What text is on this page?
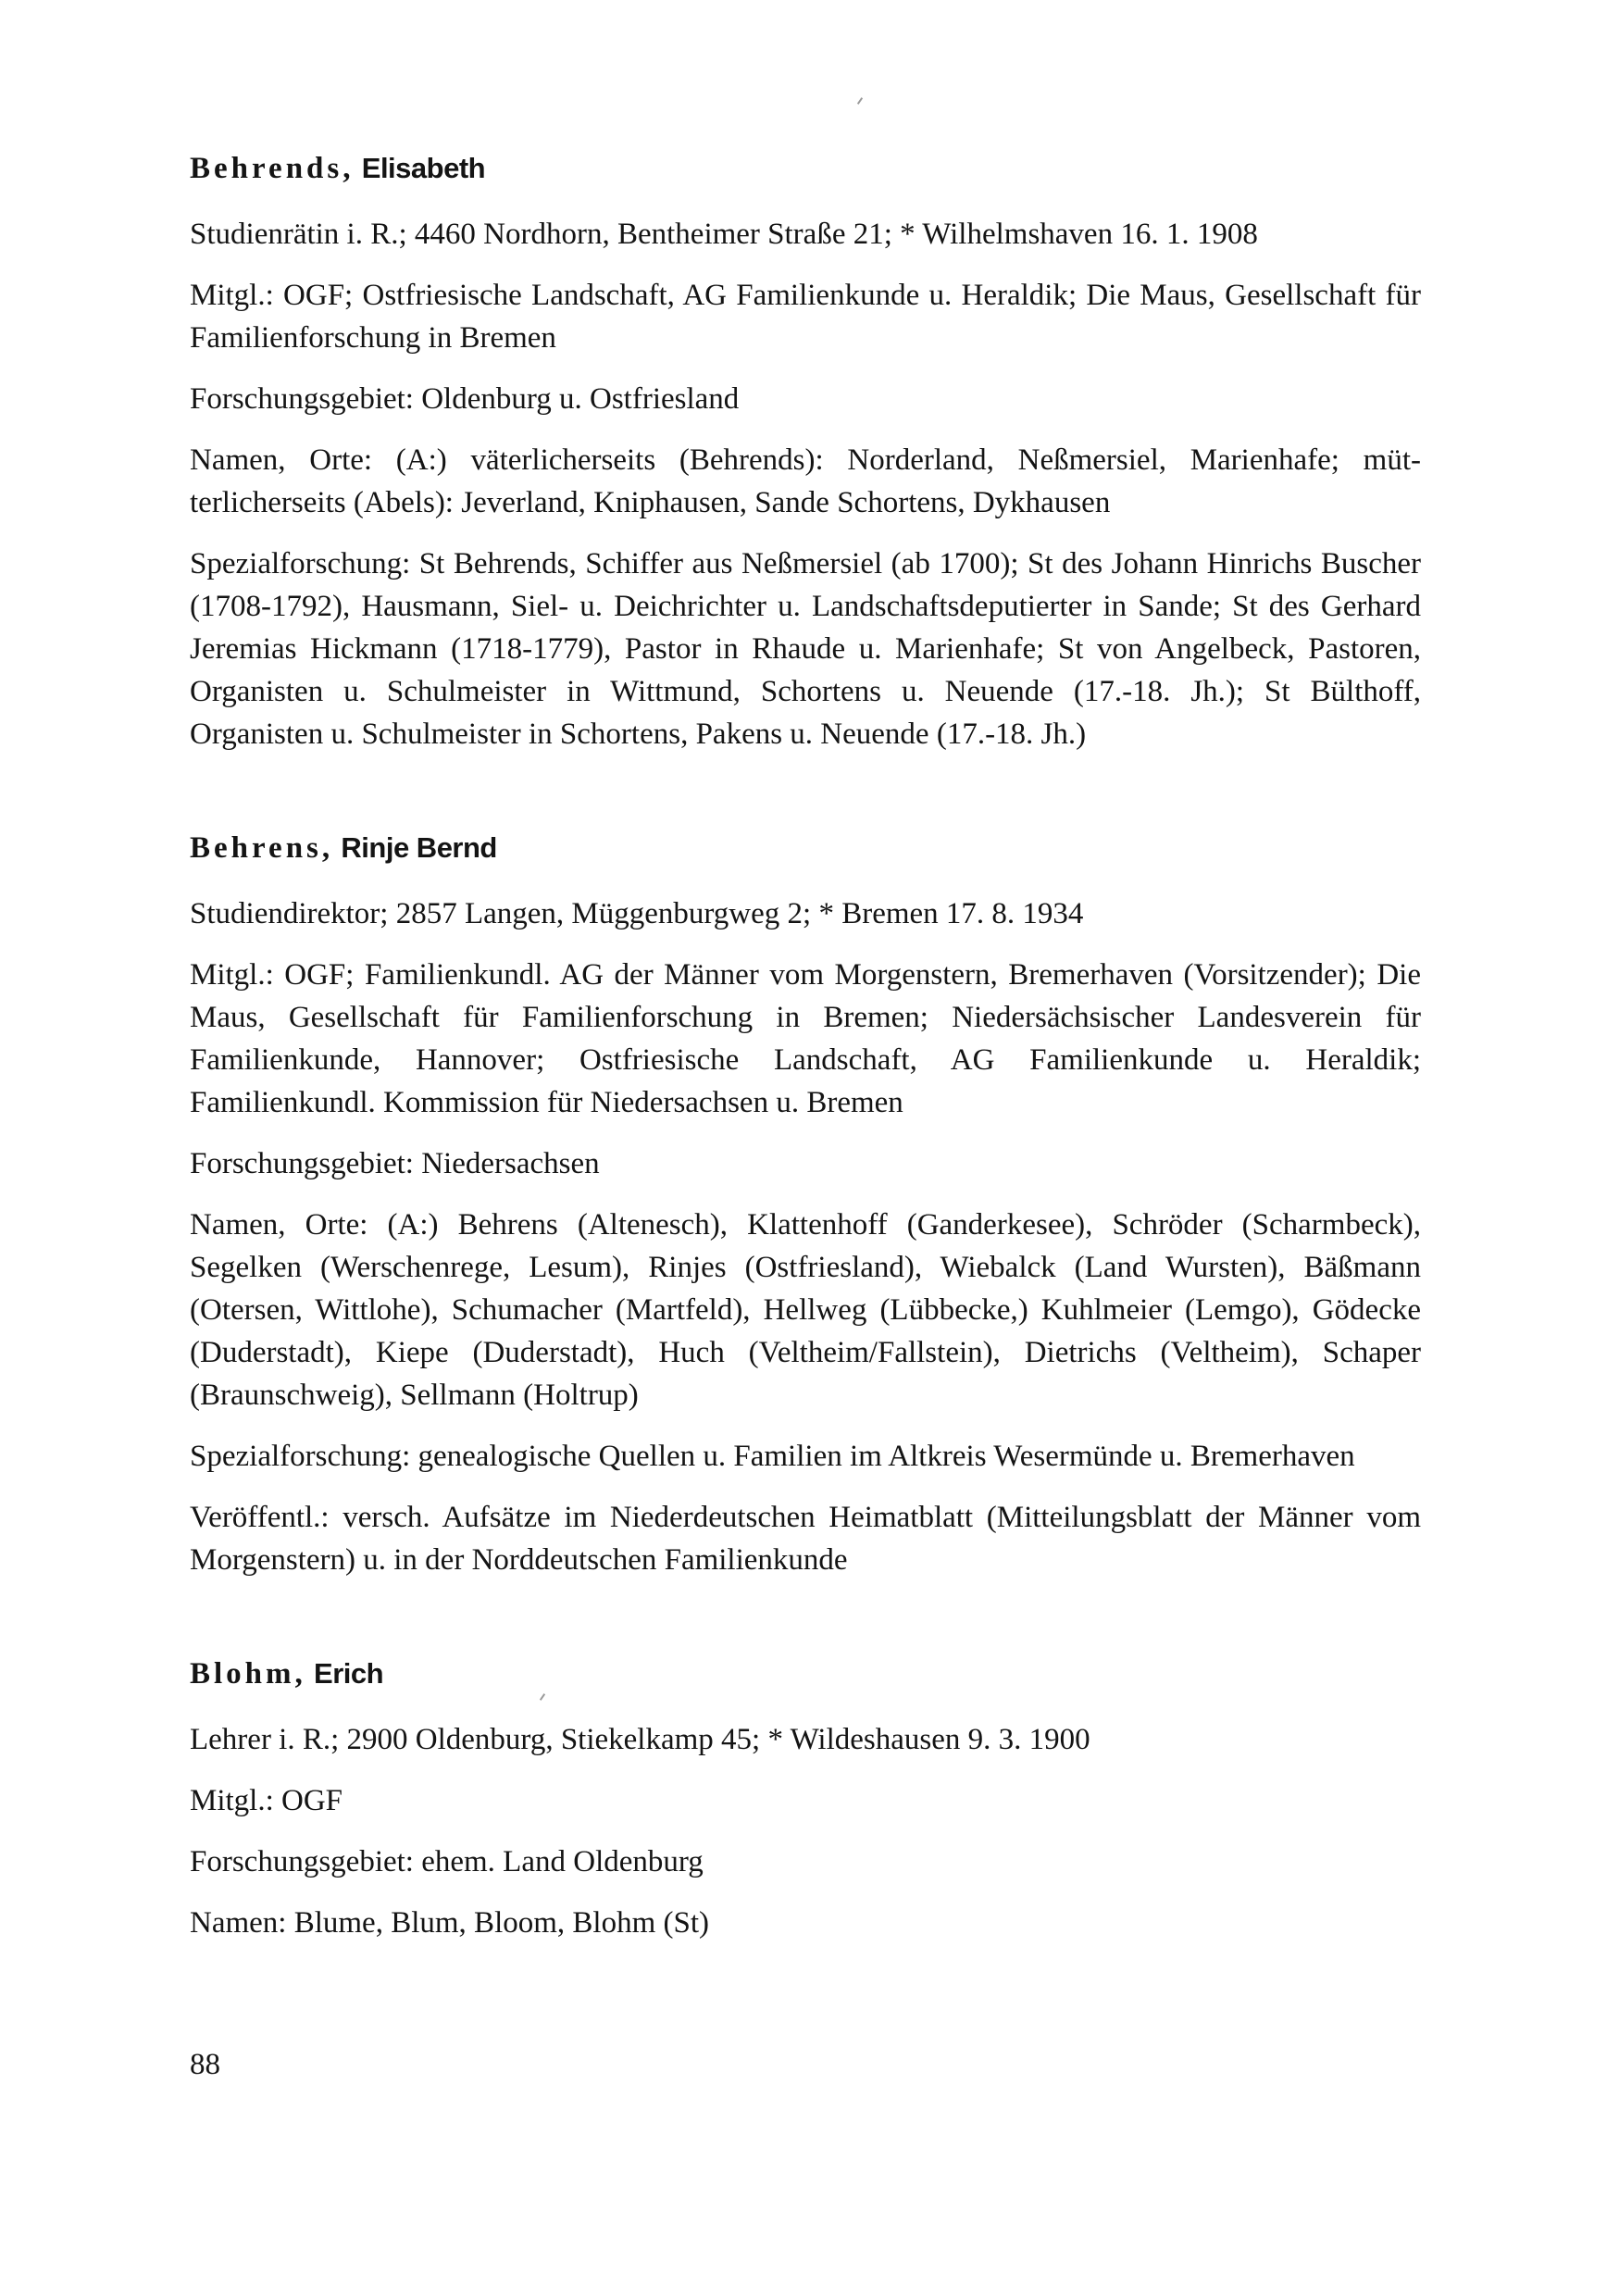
Behrends, Elisabeth

Studienrätin i. R.; 4460 Nordhorn, Bentheimer Straße 21; * Wilhelmshaven 16. 1. 1908

Mitgl.: OGF; Ostfriesische Landschaft, AG Familienkunde u. Heraldik; Die Maus, Gesellschaft für Familienforschung in Bremen

Forschungsgebiet: Oldenburg u. Ostfriesland

Namen, Orte: (A:) väterlicherseits (Behrends): Norderland, Neßmersiel, Marienhafe; mütterlicherseits (Abels): Jeverland, Kniphausen, Sande Schortens, Dykhausen

Spezialforschung: St Behrends, Schiffer aus Neßmersiel (ab 1700); St des Johann Hinrichs Buscher (1708-1792), Hausmann, Siel- u. Deichrichter u. Landschaftsdeputierter in Sande; St des Gerhard Jeremias Hickmann (1718-1779), Pastor in Rhaude u. Marienhafe; St von Angelbeck, Pastoren, Organisten u. Schulmeister in Wittmund, Schortens u. Neuende (17.-18. Jh.); St Bülthoff, Organisten u. Schulmeister in Schortens, Pakens u. Neuende (17.-18. Jh.)

Behrens, Rinje Bernd

Studiendirektor; 2857 Langen, Müggenburgweg 2; * Bremen 17. 8. 1934

Mitgl.: OGF; Familienkundl. AG der Männer vom Morgenstern, Bremerhaven (Vorsitzender); Die Maus, Gesellschaft für Familienforschung in Bremen; Niedersächsischer Landesverein für Familienkunde, Hannover; Ostfriesische Landschaft, AG Familienkunde u. Heraldik; Familienkundl. Kommission für Niedersachsen u. Bremen

Forschungsgebiet: Niedersachsen

Namen, Orte: (A:) Behrens (Altenesch), Klattenhoff (Ganderkesee), Schröder (Scharmbeck), Segelken (Werschenrege, Lesum), Rinjes (Ostfriesland), Wiebalck (Land Wursten), Bäßmann (Otersen, Wittlohe), Schumacher (Martfeld), Hellweg (Lübbecke,) Kuhlmeier (Lemgo), Gödecke (Duderstadt), Kiepe (Duderstadt), Huch (Veltheim/Fallstein), Dietrichs (Veltheim), Schaper (Braunschweig), Sellmann (Holtrup)

Spezialforschung: genealogische Quellen u. Familien im Altkreis Wesermünde u. Bremerhaven

Veröffentl.: versch. Aufsätze im Niederdeutschen Heimatblatt (Mitteilungsblatt der Männer vom Morgenstern) u. in der Norddeutschen Familienkunde

Blohm, Erich

Lehrer i. R.; 2900 Oldenburg, Stiekelkamp 45; * Wildeshausen 9. 3. 1900

Mitgl.: OGF

Forschungsgebiet: ehem. Land Oldenburg

Namen: Blume, Blum, Bloom, Blohm (St)

88
